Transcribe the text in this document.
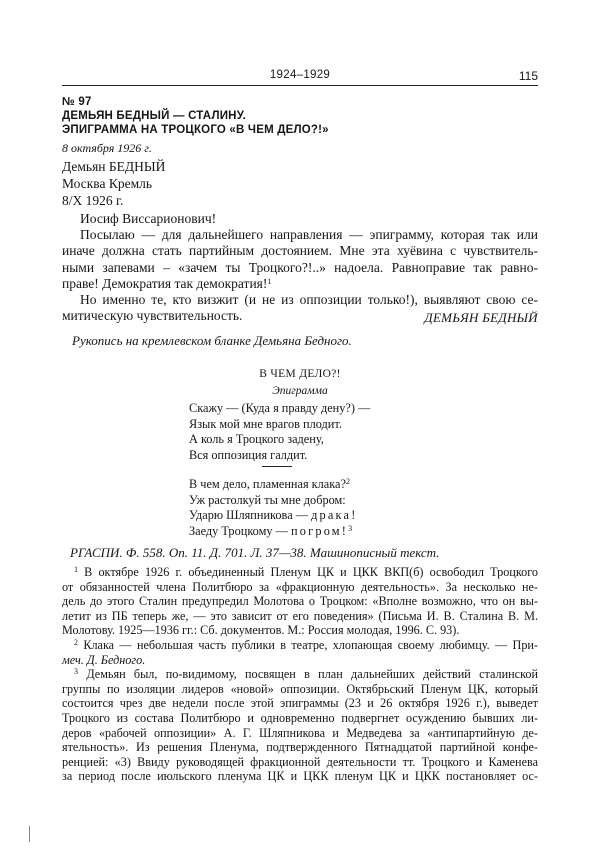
1924–1929	115
№ 97
ДЕМЬЯН БЕДНЫЙ — СТАЛИНУ.
ЭПИГРАММА НА ТРОЦКОГО «В ЧЕМ ДЕЛО?!»
8 октября 1926 г.
Демьян БЕДНЫЙ
Москва Кремль
8/X 1926 г.
Иосиф Виссарионович!
Посылаю — для дальнейшего направления — эпиграмму, которая так или
иначе должна стать партийным достоянием. Мне эта хуёвина с чувствитель-
ными запевами – «зачем ты Троцкого?!..» надоела. Равноправие так равно-
праве! Демократия так демократия!$^1$
Но именно те, кто визжит (и не из оппозиции только!), выявляют свою се-
митическую чувствительность.	ДЕМЬЯН БЕДНЫЙ
Рукопись на кремлевском бланке Демьяна Бедного.
В ЧЕМ ДЕЛО?!
Эпиграмма
Скажу — (Куда я правду дену?) —
Язык мой мне врагов плодит.
А коль я Троцкого задену,
Вся оппозиция галдит.
В чем дело, пламенная клака?$^2$
Уж растолкуй ты мне добром:
Ударю Шляпникова — драка!
Заеду Троцкому — погром!$^3$
РГАСПИ. Ф. 558. Оп. 11. Д. 701. Л. 37—38. Машинописный текст.
$^1$ В октябре 1926 г. объединенный Пленум ЦК и ЦКК ВКП(б) освободил Троцкого
от обязанностей члена Политбюро за «фракционную деятельность». За несколько не-
дель до этого Сталин предупредил Молотова о Троцком: «Вполне возможно, что он вы-
летит из ПБ теперь же, — это зависит от его поведения» (Письма И. В. Сталина В. М.
Молотову. 1925—1936 гг.: Сб. документов. М.: Россия молодая, 1996. С. 93).
$^2$ Клака — небольшая часть публики в театре, хлопающая своему любимцу. — При-
меч. Д. Бедного.
$^3$ Демьян был, по-видимому, посвящен в план дальнейших действий сталинской
группы по изоляции лидеров «новой» оппозиции. Октябрьский Пленум ЦК, который
состоится чрез две недели после этой эпиграммы (23 и 26 октября 1926 г.), выведет
Троцкого из состава Политбюро и одновременно подвергнет осуждению бывших ли-
деров «рабочей оппозиции» А. Г. Шляпникова и Медведева за «антипартийную де-
ятельность». Из решения Пленума, подтвержденного Пятнадцатой партийной конфе-
ренцией: «3) Ввиду руководящей фракционной деятельности тт. Троцкого и Каменева
за период после июльского пленума ЦК и ЦКК пленум ЦК и ЦКК постановляет ос-
